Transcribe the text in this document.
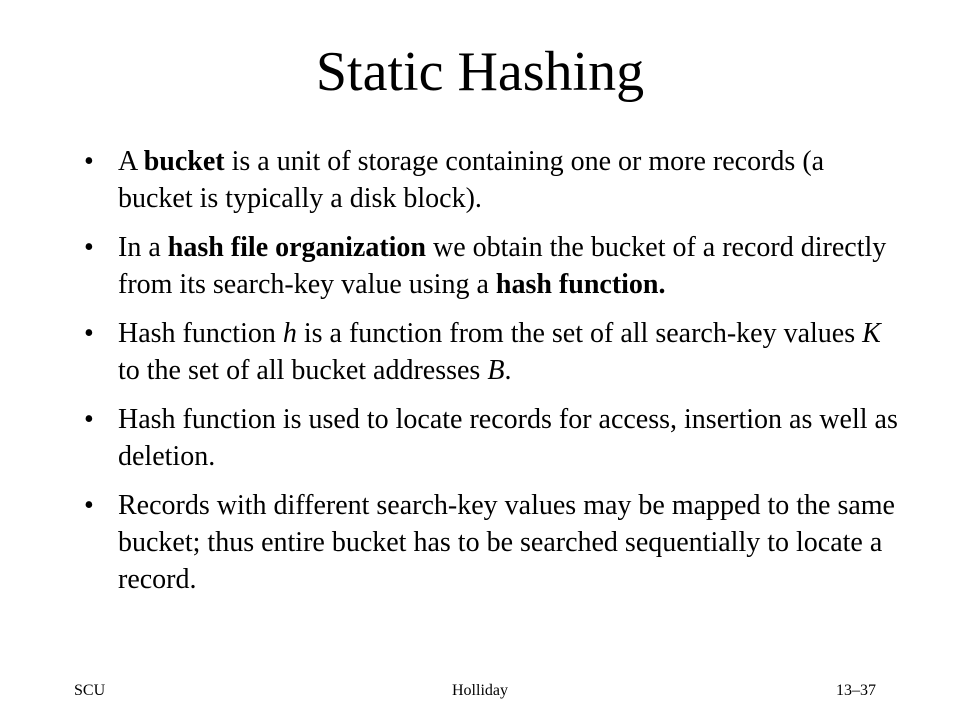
Static Hashing
• A bucket is a unit of storage containing one or more records (a bucket is typically a disk block).
• In a hash file organization we obtain the bucket of a record directly from its search-key value using a hash function.
• Hash function h is a function from the set of all search-key values K to the set of all bucket addresses B.
• Hash function is used to locate records for access, insertion as well as deletion.
• Records with different search-key values may be mapped to the same bucket; thus entire bucket has to be searched sequentially to locate a record.
SCU	Holliday	13–37
